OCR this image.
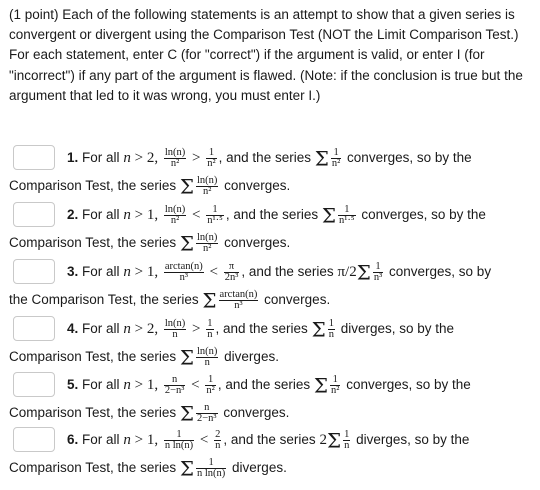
(1 point) Each of the following statements is an attempt to show that a given series is convergent or divergent using the Comparison Test (NOT the Limit Comparison Test.) For each statement, enter C (for "correct") if the argument is valid, or enter I (for "incorrect") if any part of the argument is flawed. (Note: if the conclusion is true but the argument that led to it was wrong, you must enter I.)
1. For all n > 2, $\frac{\ln(n)}{\text{n²}} > \frac{1}{\text{n²}}$ , and the series Σ $\frac{1}{\text{n²}}$ converges, so by the
Comparison Test, the series Σ $\frac{\ln(n)}{\text{n²}}$ converges.
2. For all n > 1, $\frac{\ln(n)}{\text{n²}} < \frac{1}{\text{n¹·⁵}}$ , and the series Σ $\frac{1}{\text{n¹·⁵}}$ converges, so by the
Comparison Test, the series Σ $\frac{\ln(n)}{\text{n²}}$ converges.
3. For all n > 1, $\frac{\arctan(n)}{\text{n³}} < \frac{\pi}{\text{2n³}}$ , and the series $\pi/2\Sigma \frac{1}{\text{n³}}$ converges, so by
the Comparison Test, the series Σ $\frac{\arctan(n)}{\text{n³}}$ converges.
4. For all n > 2, $\frac{\ln(n)}{n} > \frac{1}{n}$ , and the series Σ $\frac{1}{n}$ diverges, so by the
Comparison Test, the series Σ $\frac{\ln(n)}{n}$ diverges.
5. For all n > 1, $\frac{n}{\text{2−n³}} < \frac{1}{\text{n²}}$ , and the series Σ $\frac{1}{\text{n²}}$ converges, so by the
Comparison Test, the series Σ $\frac{n}{\text{2−n³}}$ converges.
6. For all n > 1, $\frac{1}{\text{n ln(n)}} < \frac{2}{n}$ , and the series $2\Sigma \frac{1}{n}$ diverges, so by the
Comparison Test, the series Σ $\frac{1}{\text{n ln(n)}}$ diverges.
